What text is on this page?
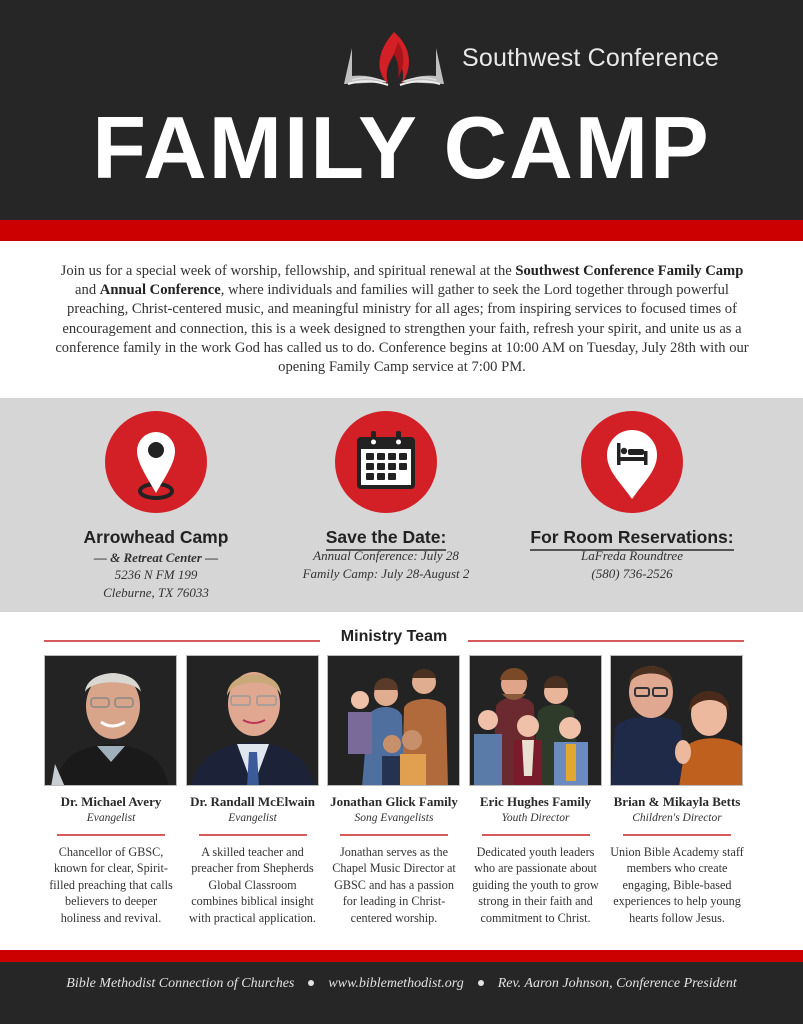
Southwest Conference
FAMILY CAMP

Join us for a special week of worship, fellowship, and spiritual renewal at the Southwest Conference Family Camp and Annual Conference, where individuals and families will gather to seek the Lord together through powerful preaching, Christ-centered music, and meaningful ministry for all ages; from inspiring services to focused times of encouragement and connection, this is a week designed to strengthen your faith, refresh your spirit, and unite us as a conference family in the work God has called us to do. Conference begins at 10:00 AM on Tuesday, July 28th with our opening Family Camp service at 7:00 PM.

Arrowhead Camp
— & Retreat Center —
5236 N FM 199
Cleburne, TX 76033
Save the Date:
Annual Conference: July 28
Family Camp: July 28-August 2
For Room Reservations:
LaFreda Roundtree
(580) 736-2526
Ministry Team
Dr. Michael Avery
Evangelist
Chancellor of GBSC, known for clear, Spirit-filled preaching that calls believers to deeper holiness and revival.
Dr. Randall McElwain
Evangelist
A skilled teacher and preacher from Shepherds Global Classroom combines biblical insight with practical application.
Jonathan Glick Family
Song Evangelists
Jonathan serves as the Chapel Music Director at GBSC and has a passion for leading in Christ-centered worship.
Eric Hughes Family
Youth Director
Dedicated youth leaders who are passionate about guiding the youth to grow strong in their faith and commitment to Christ.
Brian & Mikayla Betts
Children's Director
Union Bible Academy staff members who create engaging, Bible-based experiences to help young hearts follow Jesus.
Bible Methodist Connection of Churches www.biblemethodist.org Rev. Aaron Johnson, Conference President
